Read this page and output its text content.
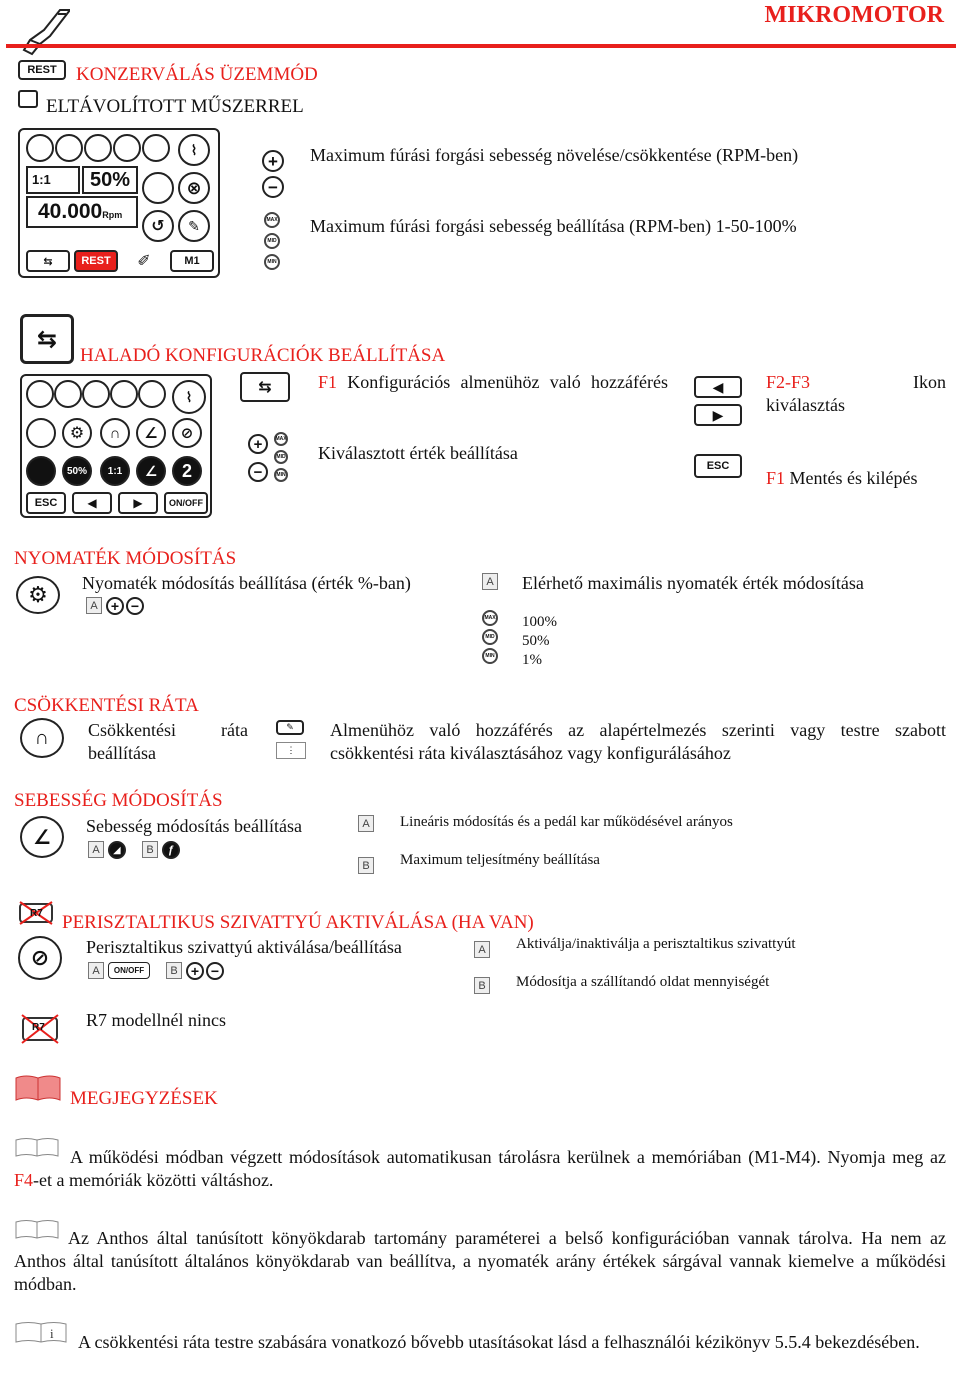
MIKROMOTOR
REST KONZERVÁLÁS ÜZEMMÓD
ELTÁVOLÍTOTT MŰSZERREL
⌇
1:1	50%	⊗
40.000Rpm
↺	✎
⇆	REST	✐	M1
+
−
MAX
MID
MIN
Maximum fúrási forgási sebesség növelése/csökkentése (RPM-ben)
Maximum fúrási forgási sebesség beállítása (RPM-ben) 1-50-100%
⇆
HALADÓ KONFIGURÁCIÓK BEÁLLÍTÁSA
⌇
⚙	∩	∠	⊘
50% 1:1	∠	2
ESC	◀	▶	ON/OFF
⇆	F1 Konfigurációs almenühöz való hozzáférés
+
−
MAX
MID
MIN
Kiválasztott érték beállítása
◀
▶
F2-F3	Ikon
kiválasztás
ESC
F1 Mentés és kilépés
NYOMATÉK MÓDOSÍTÁS
⚙	Nyomaték módosítás beállítása (érték %-ban)
A + −
A Elérhető maximális nyomaték érték módosítása
MAX
MID
MIN
100%
50%
1%
CSÖKKENTÉSI RÁTA
∩	Csökkentési ráta beállítása
✎
⋮
Almenühöz való hozzáférés az alapértelmezés szerinti vagy testre szabott csökkentési ráta kiválasztásához vagy konfigurálásához
SEBESSÉG MÓDOSÍTÁS
∠
Sebesség módosítás beállítása
A	◢	B	ƒ
A Lineáris módosítás és a pedál kar működésével arányos
B Maximum teljesítmény beállítása
R7 PERISZTALTIKUS SZIVATTYÚ AKTIVÁLÁSA (HA VAN)
⊘	Perisztaltikus szivattyú aktiválása/beállítása
A ON/OFF B + −
A Aktiválja/inaktiválja a perisztaltikus szivattyút
B Módosítja a szállítandó oldat mennyiségét
R7 R7 modellnél nincs
MEGJEGYZÉSEK
A működési módban végzett módosítások automatikusan tárolásra kerülnek a memóriában (M1-M4). Nyomja meg az F4-et a memóriák közötti váltáshoz.
Az Anthos által tanúsított könyökdarab tartomány paraméterei a belső konfigurációban vannak tárolva. Ha nem az Anthos által tanúsított általános könyökdarab van beállítva, a nyomaték arány értékek sárgával vannak kiemelve a működési módban.
i	A csökkentési ráta testre szabására vonatkozó bővebb utasításokat lásd a felhasználói kézikönyv 5.5.4 bekezdésében.
